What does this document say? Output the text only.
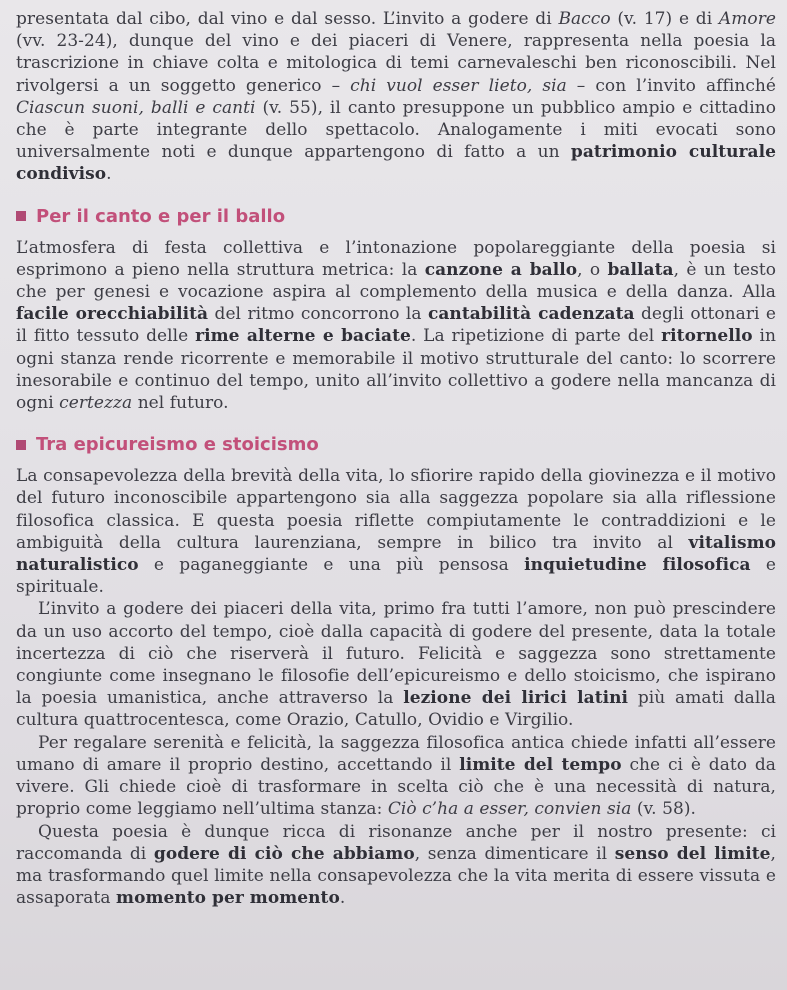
presentata dal cibo, dal vino e dal sesso. L’invito a godere di Bacco (v. 17) e di Amore (vv. 23-24), dunque del vino e dei piaceri di Venere, rappresenta nella poesia la trascrizione in chiave colta e mitologica di temi carnevaleschi ben riconoscibili. Nel rivolgersi a un soggetto generico – chi vuol esser lieto, sia – con l’invito affinché Ciascun suoni, balli e canti (v. 55), il canto presuppone un pubblico ampio e cittadino che è parte integrante dello spettacolo. Analogamente i miti evocati sono universalmente noti e dunque appartengono di fatto a un patrimonio culturale condiviso.

Per il canto e per il ballo

L’atmosfera di festa collettiva e l’intonazione popolareggiante della poesia si esprimono a pieno nella struttura metrica: la canzone a ballo, o ballata, è un testo che per genesi e vocazione aspira al complemento della musica e della danza. Alla facile orecchiabilità del ritmo concorrono la cantabilità cadenzata degli ottonari e il fitto tessuto delle rime alterne e baciate. La ripetizione di parte del ritornello in ogni stanza rende ricorrente e memorabile il motivo strutturale del canto: lo scorrere inesorabile e continuo del tempo, unito all’invito collettivo a godere nella mancanza di ogni certezza nel futuro.

Tra epicureismo e stoicismo

La consapevolezza della brevità della vita, lo sfiorire rapido della giovinezza e il motivo del futuro inconoscibile appartengono sia alla saggezza popolare sia alla riflessione filosofica classica. E questa poesia riflette compiutamente le contraddizioni e le ambiguità della cultura laurenziana, sempre in bilico tra invito al vitalismo naturalistico e paganeggiante e una più pensosa inquietudine filosofica e spirituale.

L’invito a godere dei piaceri della vita, primo fra tutti l’amore, non può prescindere da un uso accorto del tempo, cioè dalla capacità di godere del presente, data la totale incertezza di ciò che riserverà il futuro. Felicità e saggezza sono strettamente congiunte come insegnano le filosofie dell’epicureismo e dello stoicismo, che ispirano la poesia umanistica, anche attraverso la lezione dei lirici latini più amati dalla cultura quattrocentesca, come Orazio, Catullo, Ovidio e Virgilio.

Per regalare serenità e felicità, la saggezza filosofica antica chiede infatti all’essere umano di amare il proprio destino, accettando il limite del tempo che ci è dato da vivere. Gli chiede cioè di trasformare in scelta ciò che è una necessità di natura, proprio come leggiamo nell’ultima stanza: Ciò c’ha a esser, convien sia (v. 58).

Questa poesia è dunque ricca di risonanze anche per il nostro presente: ci raccomanda di godere di ciò che abbiamo, senza dimenticare il senso del limite, ma trasformando quel limite nella consapevolezza che la vita merita di essere vissuta e assaporata momento per momento.
